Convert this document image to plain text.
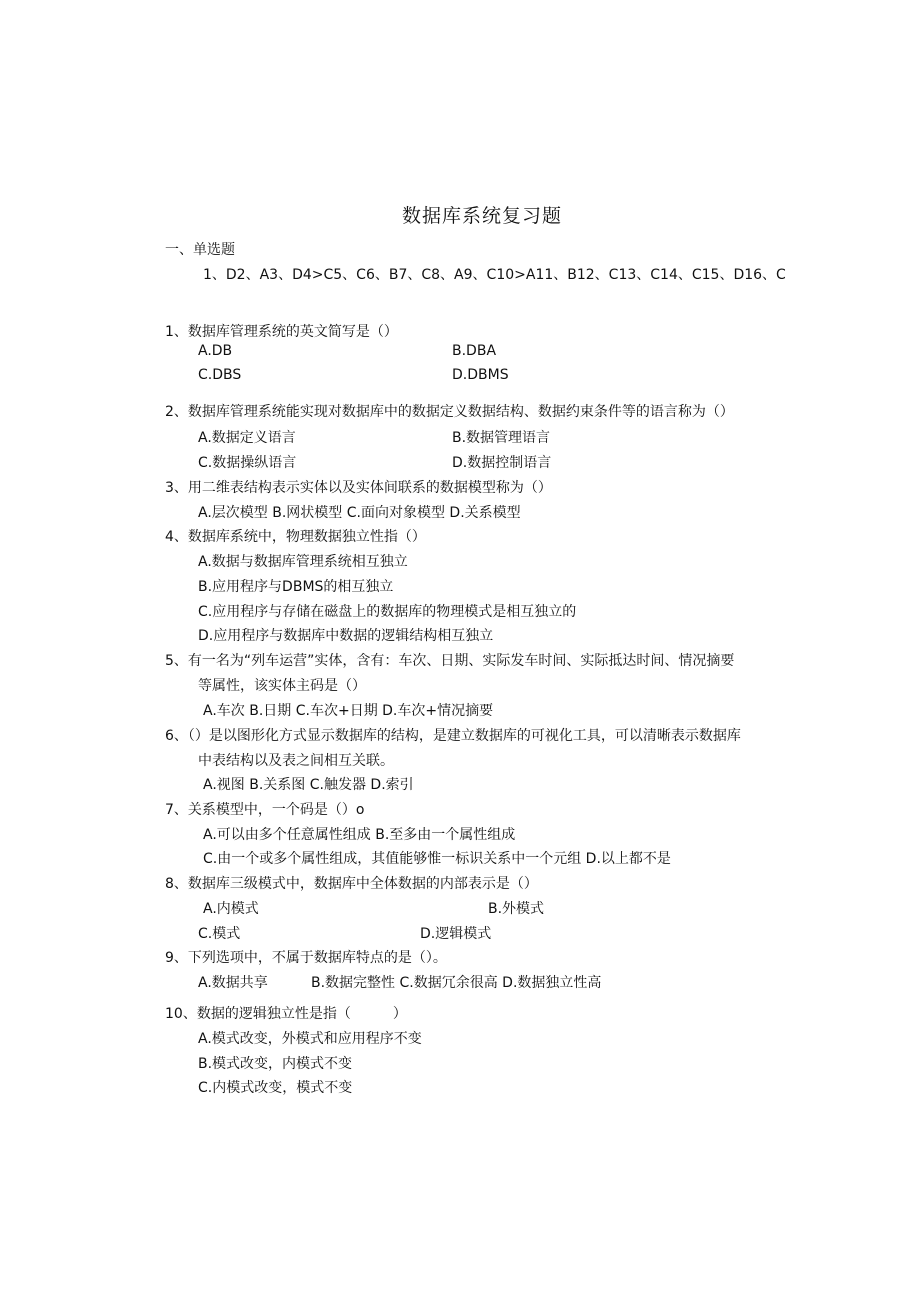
数据库系统复习题
一、单选题
1、D2、A3、D4>C5、C6、B7、C8、A9、C10>A11、B12、C13、C14、C15、D16、C
1、数据库管理系统的英文简写是（）
A.DB	B.DBA
C.DBS	D.DBMS
2、数据库管理系统能实现对数据库中的数据定义数据结构、数据约束条件等的语言称为（）
A.数据定义语言	B.数据管理语言
C.数据操纵语言	D.数据控制语言
3、用二维表结构表示实体以及实体间联系的数据模型称为（）
A.层次模型 B.网状模型 C.面向对象模型 D.关系模型
4、数据库系统中，物理数据独立性指（）
A.数据与数据库管理系统相互独立
B.应用程序与DBMS的相互独立
C.应用程序与存储在磁盘上的数据库的物理模式是相互独立的
D.应用程序与数据库中数据的逻辑结构相互独立
5、有一名为“列车运营”实体，含有：车次、日期、实际发车时间、实际抵达时间、情况摘要
等属性，该实体主码是（）
A.车次 B.日期 C.车次+日期 D.车次+情况摘要
6、（）是以图形化方式显示数据库的结构，是建立数据库的可视化工具，可以清晰表示数据库
中表结构以及表之间相互关联。
A.视图 B.关系图 C.触发器 D.索引
7、关系模型中，一个码是（）o
A.可以由多个任意属性组成 B.至多由一个属性组成
C.由一个或多个属性组成，其值能够惟一标识关系中一个元组 D.以上都不是
8、数据库三级模式中，数据库中全体数据的内部表示是（）
A.内模式	B.外模式
C.模式	D.逻辑模式
9、下列选项中，不属于数据库特点的是（）。
A.数据共享	B.数据完整性 C.数据冗余很高 D.数据独立性高
10、数据的逻辑独立性是指（　　　）
A.模式改变，外模式和应用程序不变
B.模式改变，内模式不变
C.内模式改变，模式不变
